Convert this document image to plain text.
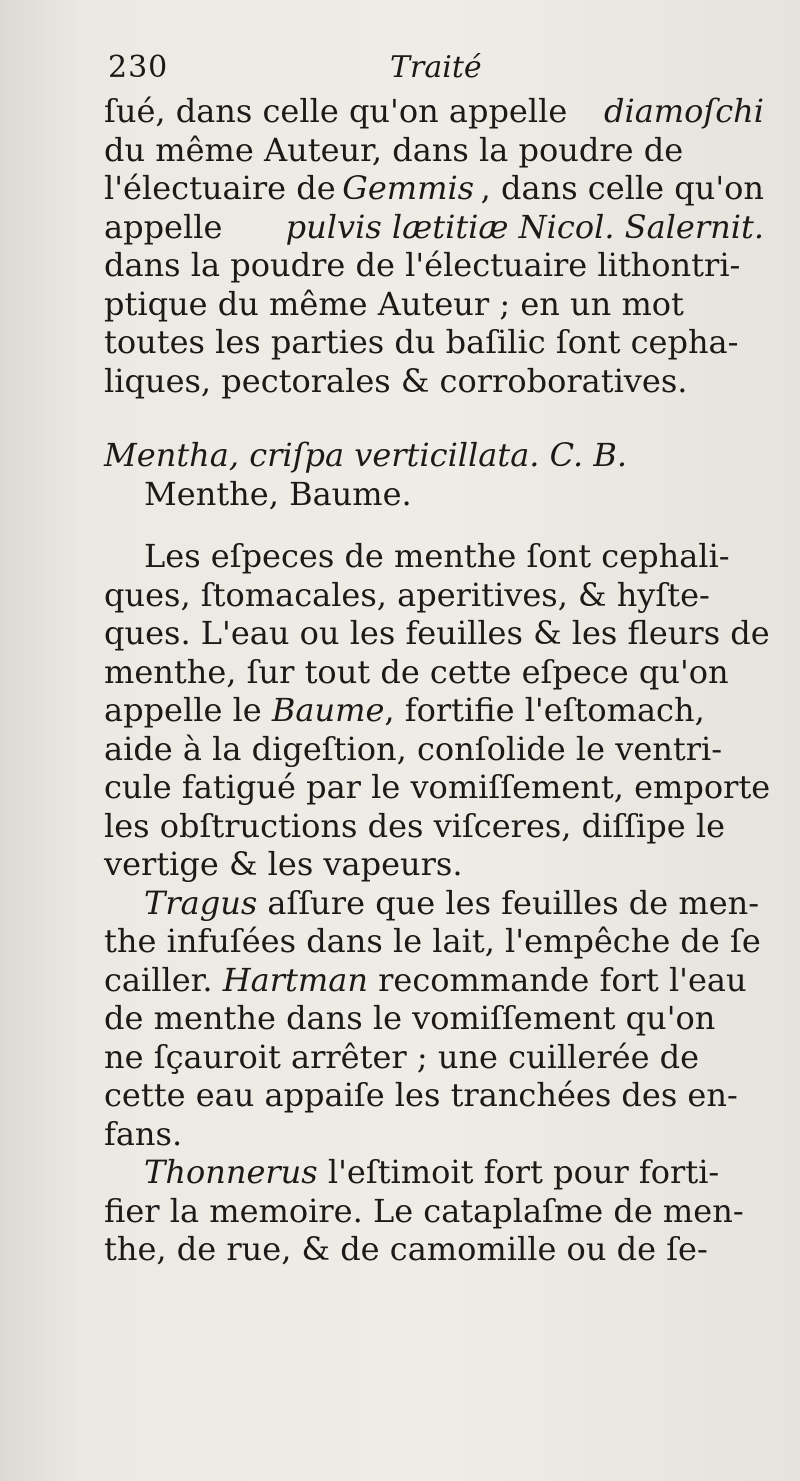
230	Traité
ſué, dans celle qu'on appelle diamoſchi
du même Auteur, dans la poudre de
l'électuaire de Gemmis , dans celle qu'on
appelle pulvis lætitiæ Nicol. Salernit.
dans la poudre de l'électuaire lithontri-
ptique du même Auteur ; en un mot
toutes les parties du baſilic ſont cepha-
liques, pectorales & corroboratives.
Mentha, criſpa verticillata. C. B.
Menthe, Baume.
Les eſpeces de menthe ſont cephali-
ques, ſtomacales, aperitives, & hyſte-
ques. L'eau ou les feuilles & les fleurs de
menthe, ſur tout de cette eſpece qu'on
appelle le Baume, fortifie l'eſtomach,
aide à la digeſtion, conſolide le ventri-
cule fatigué par le vomiſſement, emporte
les obſtructions des viſceres, diſſipe le
vertige & les vapeurs.
Tragus aſſure que les feuilles de men-
the infuſées dans le lait, l'empêche de ſe
cailler. Hartman recommande fort l'eau
de menthe dans le vomiſſement qu'on
ne ſçauroit arrêter ; une cuillerée de
cette eau appaiſe les tranchées des en-
fans.
Thonnerus l'eſtimoit fort pour forti-
fier la memoire. Le cataplaſme de men-
the, de rue, & de camomille ou de ſe-
